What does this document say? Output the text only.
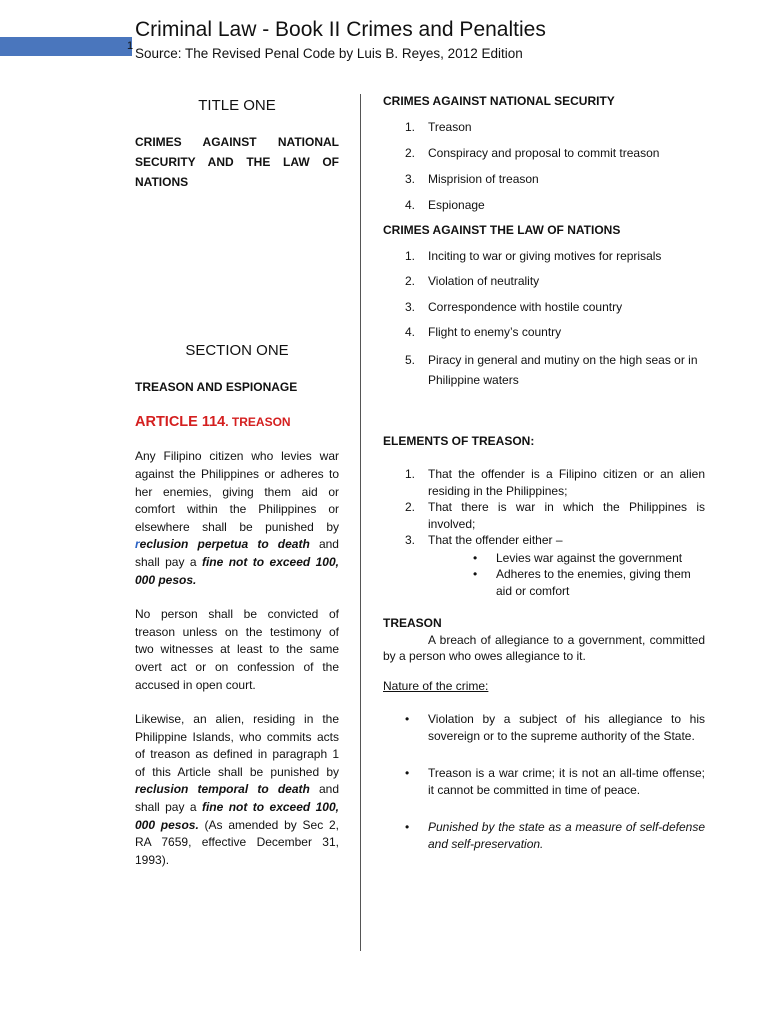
1
Criminal Law - Book II Crimes and Penalties
Source: The Revised Penal Code by Luis B. Reyes, 2012 Edition

TITLE ONE

CRIMES AGAINST NATIONAL SECURITY AND THE LAW OF NATIONS

SECTION ONE

TREASON AND ESPIONAGE

ARTICLE 114. TREASON

Any Filipino citizen who levies war against the Philippines or adheres to her enemies, giving them aid or comfort within the Philippines or elsewhere shall be punished by reclusion perpetua to death and shall pay a fine not to exceed 100, 000 pesos.

No person shall be convicted of treason unless on the testimony of two witnesses at least to the same overt act or on confession of the accused in open court.

Likewise, an alien, residing in the Philippine Islands, who commits acts of treason as defined in paragraph 1 of this Article shall be punished by reclusion temporal to death and shall pay a fine not to exceed 100, 000 pesos. (As amended by Sec 2, RA 7659, effective December 31, 1993).

CRIMES AGAINST NATIONAL SECURITY

1. Treason
2. Conspiracy and proposal to commit treason
3. Misprision of treason
4. Espionage

CRIMES AGAINST THE LAW OF NATIONS

1. Inciting to war or giving motives for reprisals
2. Violation of neutrality
3. Correspondence with hostile country
4. Flight to enemy’s country
5. Piracy in general and mutiny on the high seas or in Philippine waters

ELEMENTS OF TREASON:

1. That the offender is a Filipino citizen or an alien residing in the Philippines;
2. That there is war in which the Philippines is involved;
3. That the offender either –
• Levies war against the government
• Adheres to the enemies, giving them aid or comfort

TREASON

A breach of allegiance to a government, committed by a person who owes allegiance to it.

Nature of the crime:

• Violation by a subject of his allegiance to his sovereign or to the supreme authority of the State.
• Treason is a war crime; it is not an all-time offense; it cannot be committed in time of peace.
• Punished by the state as a measure of self-defense and self-preservation.
